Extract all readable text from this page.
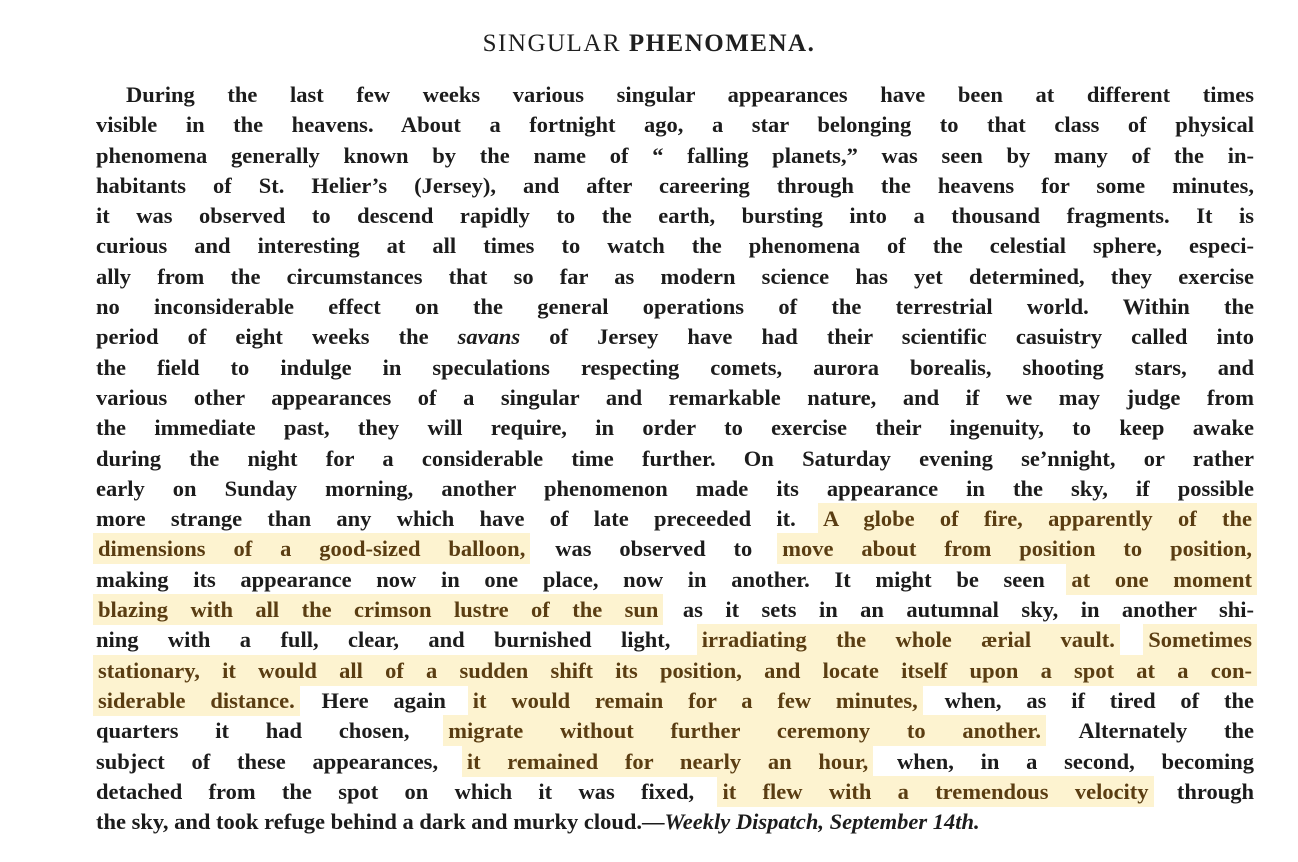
SINGULAR PHENOMENA.
During the last few weeks various singular appearances have been at different times
visible in the heavens. About a fortnight ago, a star belonging to that class of physical
phenomena generally known by the name of “ falling planets,” was seen by many of the in-
habitants of St. Helier’s (Jersey), and after careering through the heavens for some minutes,
it was observed to descend rapidly to the earth, bursting into a thousand fragments. It is
curious and interesting at all times to watch the phenomena of the celestial sphere, especi-
ally from the circumstances that so far as modern science has yet determined, they exercise
no inconsiderable effect on the general operations of the terrestrial world. Within the
period of eight weeks the savans of Jersey have had their scientific casuistry called into
the field to indulge in speculations respecting comets, aurora borealis, shooting stars, and
various other appearances of a singular and remarkable nature, and if we may judge from
the immediate past, they will require, in order to exercise their ingenuity, to keep awake
during the night for a considerable time further. On Saturday evening se’nnight, or rather
early on Sunday morning, another phenomenon made its appearance in the sky, if possible
more strange than any which have of late preceeded it. A globe of fire, apparently of the
dimensions of a good-sized balloon, was observed to move about from position to position,
making its appearance now in one place, now in another. It might be seen at one moment
blazing with all the crimson lustre of the sun as it sets in an autumnal sky, in another shi-
ning with a full, clear, and burnished light, irradiating the whole ærial vault. Sometimes
stationary, it would all of a sudden shift its position, and locate itself upon a spot at a con-
siderable distance. Here again it would remain for a few minutes, when, as if tired of the
quarters it had chosen, migrate without further ceremony to another. Alternately the
subject of these appearances, it remained for nearly an hour, when, in a second, becoming
detached from the spot on which it was fixed, it flew with a tremendous velocity through
the sky, and took refuge behind a dark and murky cloud.—Weekly Dispatch, September 14th.
